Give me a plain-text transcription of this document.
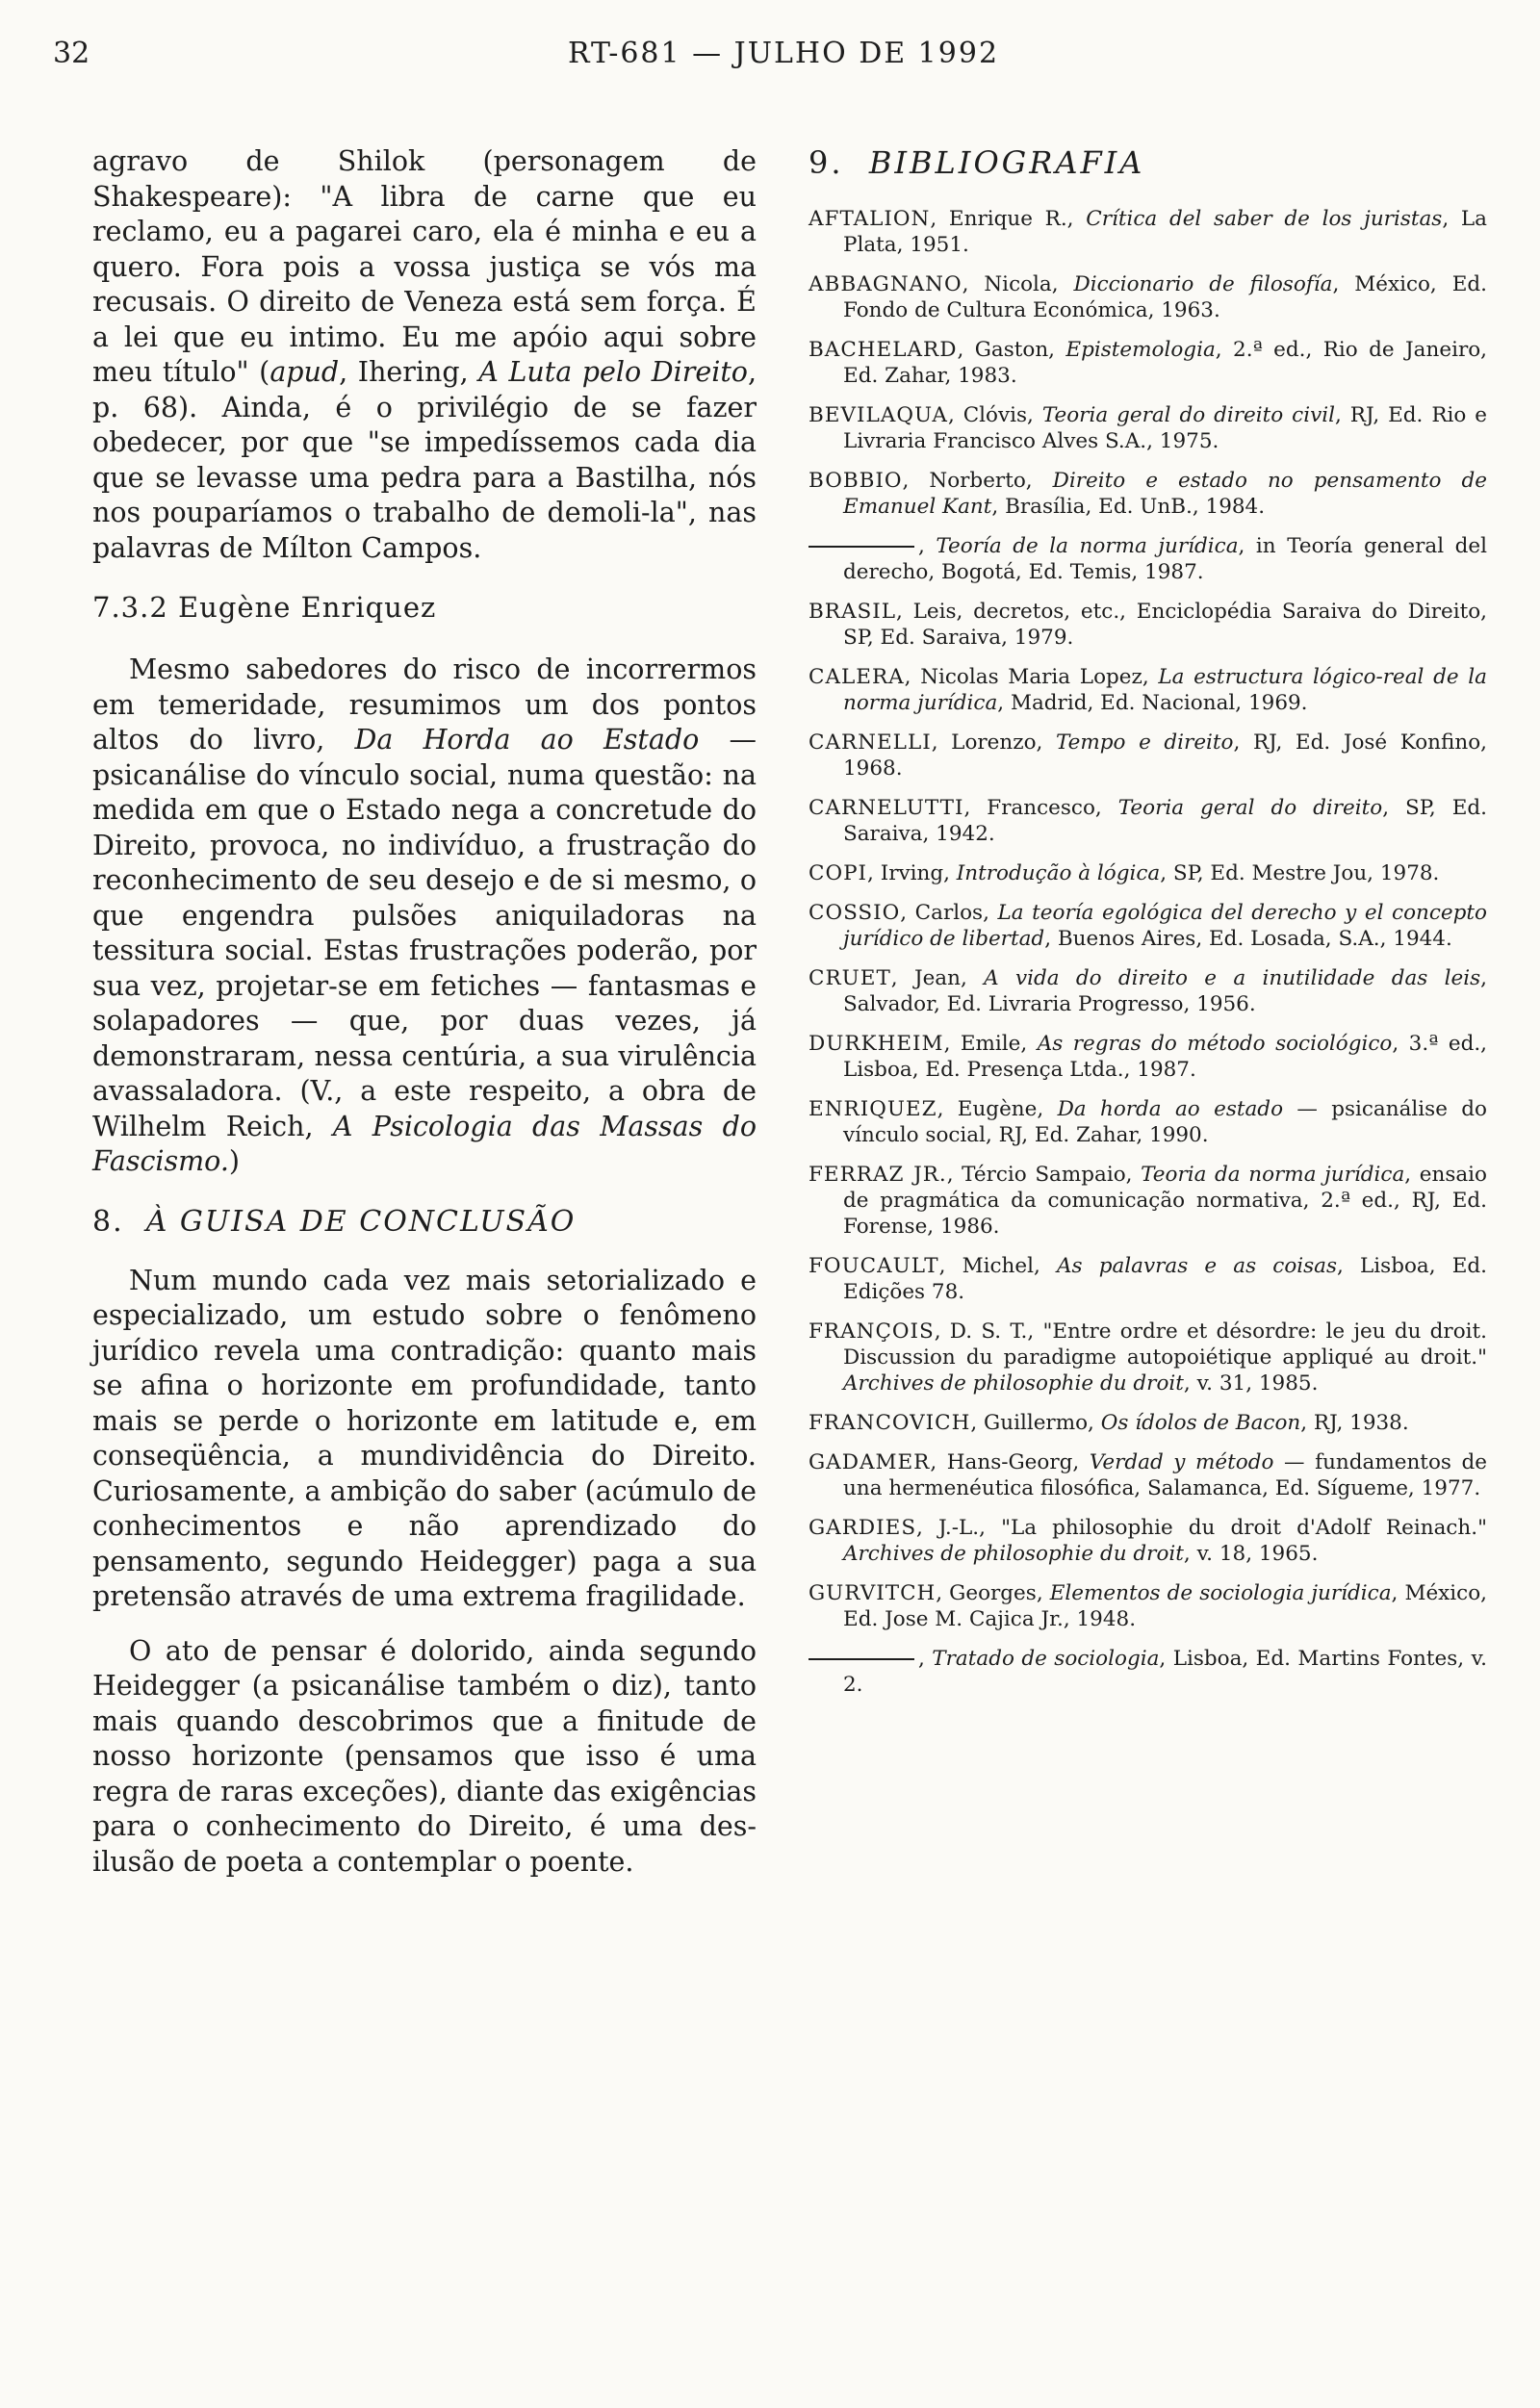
32	RT-681 — JULHO DE 1992

agravo de Shilok (personagem de Shakespeare): "A libra de carne que eu reclamo, eu a pagarei caro, ela é minha e eu a quero. Fora pois a vossa justiça se vós ma recusais. O direito de Veneza está sem força. É a lei que eu intimo. Eu me apóio aqui sobre meu título" (apud, Ihering, A Luta pelo Direito, p. 68). Ainda, é o privilégio de se fazer obedecer, por que "se impedíssemos cada dia que se levasse uma pedra para a Bastilha, nós nos pouparíamos o trabalho de demoli-la", nas palavras de Mílton Campos.

7.3.2 Eugène Enriquez

Mesmo sabedores do risco de incorrermos em temeridade, resumimos um dos pontos altos do livro, Da Horda ao Estado — psicanálise do vínculo social, numa questão: na medida em que o Estado nega a concretude do Direito, provoca, no indivíduo, a frustração do reconhecimento de seu desejo e de si mesmo, o que engendra pulsões aniquiladoras na tessitura social. Estas frustrações poderão, por sua vez, projetar-se em fetiches — fantasmas e solapadores — que, por duas vezes, já demonstraram, nessa centúria, a sua virulência avassaladora. (V., a este respeito, a obra de Wilhelm Reich, A Psicologia das Massas do Fascismo.)

8. À GUISA DE CONCLUSÃO

Num mundo cada vez mais setorializado e especializado, um estudo sobre o fenômeno jurídico revela uma contradição: quanto mais se afina o horizonte em profundidade, tanto mais se perde o horizonte em latitude e, em conseqüência, a mundividência do Direito. Curiosamente, a ambição do saber (acúmulo de conhecimentos e não aprendizado do pensamento, segundo Heidegger) paga a sua pretensão através de uma extrema fragilidade.

O ato de pensar é dolorido, ainda segundo Heidegger (a psicanálise também o diz), tanto mais quando descobrimos que a finitude de nosso horizonte (pensamos que isso é uma regra de raras exceções), diante das exigências para o conhecimento do Direito, é uma des-ilusão de poeta a contemplar o poente.

9. BIBLIOGRAFIA

AFTALION, Enrique R., Crítica del saber de los juristas, La Plata, 1951.

ABBAGNANO, Nicola, Diccionario de filosofía, México, Ed. Fondo de Cultura Económica, 1963.

BACHELARD, Gaston, Epistemologia, 2.ª ed., Rio de Janeiro, Ed. Zahar, 1983.

BEVILAQUA, Clóvis, Teoria geral do direito civil, RJ, Ed. Rio e Livraria Francisco Alves S.A., 1975.

BOBBIO, Norberto, Direito e estado no pensamento de Emanuel Kant, Brasília, Ed. UnB., 1984.

, Teoría de la norma jurídica, in Teoría general del derecho, Bogotá, Ed. Temis, 1987.

BRASIL, Leis, decretos, etc., Enciclopédia Saraiva do Direito, SP, Ed. Saraiva, 1979.

CALERA, Nicolas Maria Lopez, La estructura lógico-real de la norma jurídica, Madrid, Ed. Nacional, 1969.

CARNELLI, Lorenzo, Tempo e direito, RJ, Ed. José Konfino, 1968.

CARNELUTTI, Francesco, Teoria geral do direito, SP, Ed. Saraiva, 1942.

COPI, Irving, Introdução à lógica, SP, Ed. Mestre Jou, 1978.

COSSIO, Carlos, La teoría egológica del derecho y el concepto jurídico de libertad, Buenos Aires, Ed. Losada, S.A., 1944.

CRUET, Jean, A vida do direito e a inutilidade das leis, Salvador, Ed. Livraria Progresso, 1956.

DURKHEIM, Emile, As regras do método sociológico, 3.ª ed., Lisboa, Ed. Presença Ltda., 1987.

ENRIQUEZ, Eugène, Da horda ao estado — psicanálise do vínculo social, RJ, Ed. Zahar, 1990.

FERRAZ JR., Tércio Sampaio, Teoria da norma jurídica, ensaio de pragmática da comunicação normativa, 2.ª ed., RJ, Ed. Forense, 1986.

FOUCAULT, Michel, As palavras e as coisas, Lisboa, Ed. Edições 78.

FRANÇOIS, D. S. T., "Entre ordre et désordre: le jeu du droit. Discussion du paradigme autopoiétique appliqué au droit." Archives de philosophie du droit, v. 31, 1985.

FRANCOVICH, Guillermo, Os ídolos de Bacon, RJ, 1938.

GADAMER, Hans-Georg, Verdad y método — fundamentos de una hermenéutica filosófica, Salamanca, Ed. Sígueme, 1977.

GARDIES, J.-L., "La philosophie du droit d'Adolf Reinach." Archives de philosophie du droit, v. 18, 1965.

GURVITCH, Georges, Elementos de sociologia jurídica, México, Ed. Jose M. Cajica Jr., 1948.

, Tratado de sociologia, Lisboa, Ed. Martins Fontes, v. 2.
